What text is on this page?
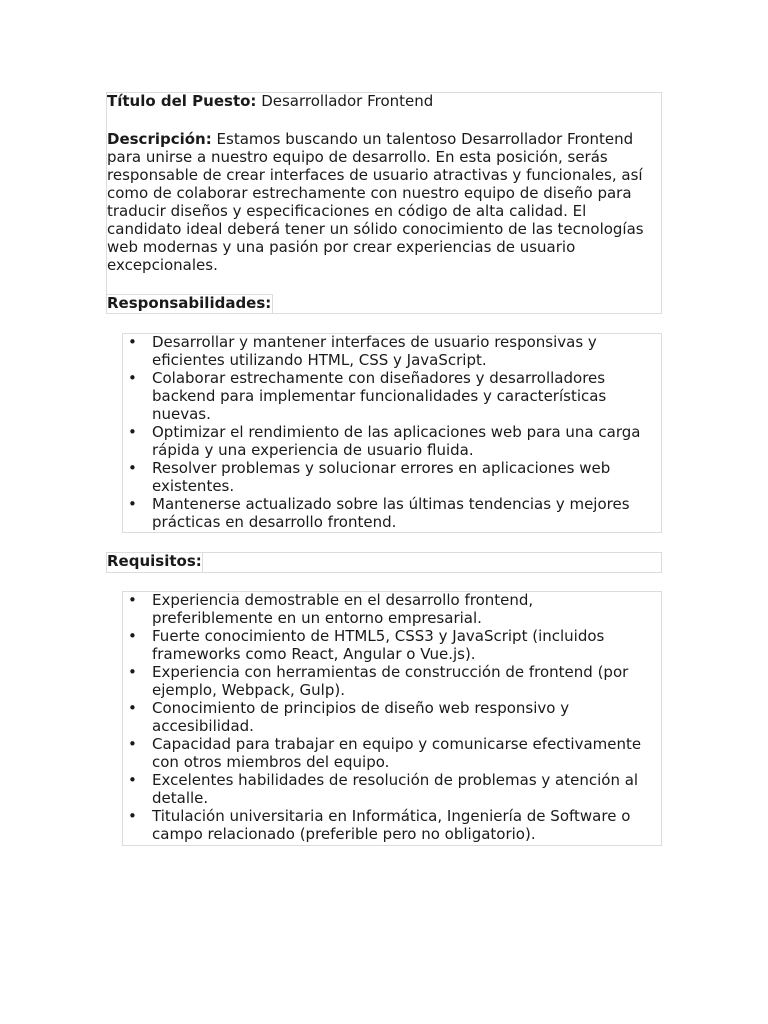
Título del Puesto: Desarrollador Frontend

Descripción: Estamos buscando un talentoso Desarrollador Frontend para unirse a nuestro equipo de desarrollo. En esta posición, serás responsable de crear interfaces de usuario atractivas y funcionales, así como de colaborar estrechamente con nuestro equipo de diseño para traducir diseños y especificaciones en código de alta calidad. El candidato ideal deberá tener un sólido conocimiento de las tecnologías web modernas y una pasión por crear experiencias de usuario excepcionales.

Responsabilidades:
• Desarrollar y mantener interfaces de usuario responsivas y eficientes utilizando HTML, CSS y JavaScript.
• Colaborar estrechamente con diseñadores y desarrolladores backend para implementar funcionalidades y características nuevas.
• Optimizar el rendimiento de las aplicaciones web para una carga rápida y una experiencia de usuario fluida.
• Resolver problemas y solucionar errores en aplicaciones web existentes.
• Mantenerse actualizado sobre las últimas tendencias y mejores prácticas en desarrollo frontend.
Requisitos:
• Experiencia demostrable en el desarrollo frontend, preferiblemente en un entorno empresarial.
• Fuerte conocimiento de HTML5, CSS3 y JavaScript (incluidos frameworks como React, Angular o Vue.js).
• Experiencia con herramientas de construcción de frontend (por ejemplo, Webpack, Gulp).
• Conocimiento de principios de diseño web responsivo y accesibilidad.
• Capacidad para trabajar en equipo y comunicarse efectivamente con otros miembros del equipo.
• Excelentes habilidades de resolución de problemas y atención al detalle.
• Titulación universitaria en Informática, Ingeniería de Software o campo relacionado (preferible pero no obligatorio).
